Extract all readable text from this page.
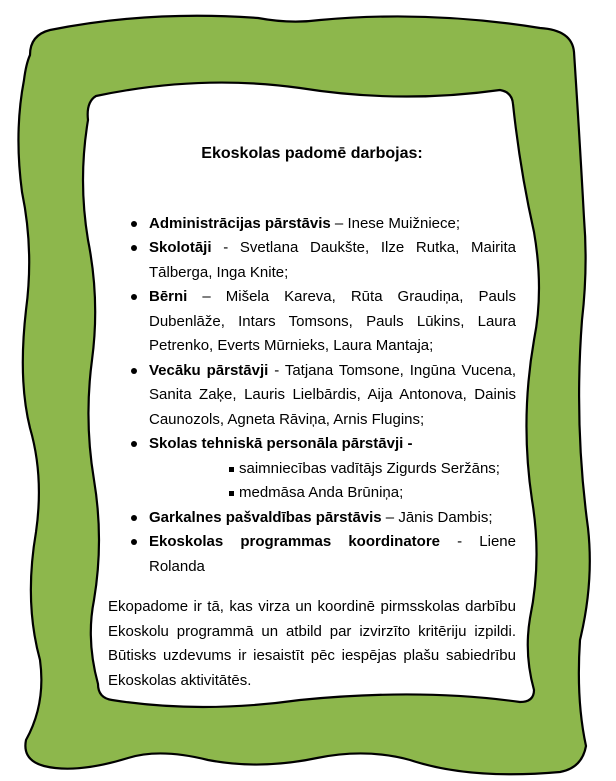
Ekoskolas padomē darbojas:
Administrācijas pārstāvis – Inese Muižniece;
Skolotāji - Svetlana Daukšte, Ilze Rutka, Mairita Tālberga, Inga Knite;
Bērni – Mišela Kareva, Rūta Graudiņa, Pauls Dubenlāže, Intars Tomsons, Pauls Lūkins, Laura Petrenko, Everts Mūrnieks, Laura Mantaja;
Vecāku pārstāvji - Tatjana Tomsone, Ingūna Vucena, Sanita Zaķe, Lauris Lielbārdis, Aija Antonova, Dainis Caunozols, Agneta Rāviņa, Arnis Flugins;
Skolas tehniskā personāla pārstāvji -
saimniecības vadītājs Zigurds Seržāns;
medmāsa Anda Brūniņa;
Garkalnes pašvaldības pārstāvis – Jānis Dambis;
Ekoskolas programmas koordinatore - Liene Rolanda

Ekopadome ir tā, kas virza un koordinē pirmsskolas darbību Ekoskolu programmā un atbild par izvirzīto kritēriju izpildi. Būtisks uzdevums ir iesaistīt pēc iespējas plašu sabiedrību Ekoskolas aktivitātēs.
